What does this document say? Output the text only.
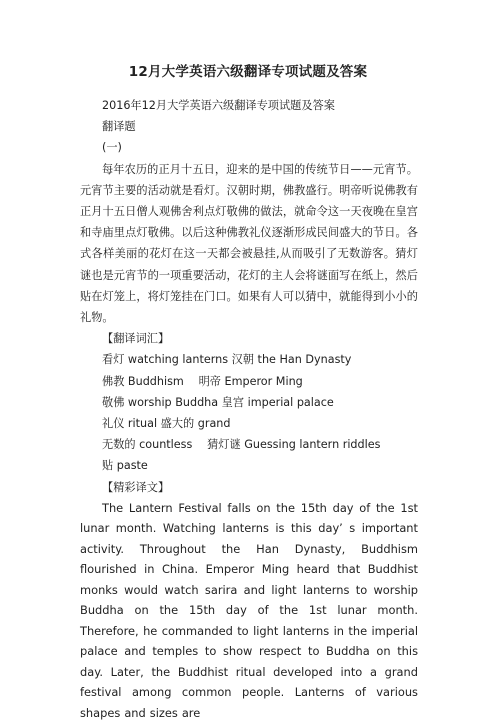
12月大学英语六级翻译专项试题及答案
2016年12月大学英语六级翻译专项试题及答案
翻译题
(一)
每年农历的正月十五日，迎来的是中国的传统节日——元宵节。元宵节主要的活动就是看灯。汉朝时期，佛教盛行。明帝听说佛教有正月十五日僧人观佛舍利点灯敬佛的做法，就命令这一天夜晚在皇宫和寺庙里点灯敬佛。以后这种佛教礼仪逐渐形成民间盛大的节日。各式各样美丽的花灯在这一天都会被悬挂,从而吸引了无数游客。猜灯谜也是元宵节的一项重要活动，花灯的主人会将谜面写在纸上，然后贴在灯笼上，将灯笼挂在门口。如果有人可以猜中，就能得到小小的礼物。
【翻译词汇】
看灯 watching lanterns 汉朝 the Han Dynasty
佛教 Buddhism　 明帝 Emperor Ming
敬佛 worship Buddha 皇宫 imperial palace
礼仪 ritual 盛大的 grand
无数的 countless　 猜灯谜 Guessing lantern riddles
贴 paste
【精彩译文】
The Lantern Festival falls on the 15th day of the 1st lunar month. Watching lanterns is this day’ s important activity. Throughout the Han Dynasty, Buddhism flourished in China. Emperor Ming heard that Buddhist monks would watch sarira and light lanterns to worship Buddha on the 15th day of the 1st lunar month. Therefore, he commanded to light lanterns in the imperial palace and temples to show respect to Buddha on this day. Later, the Buddhist ritual developed into a grand festival among common people. Lanterns of various shapes and sizes are
